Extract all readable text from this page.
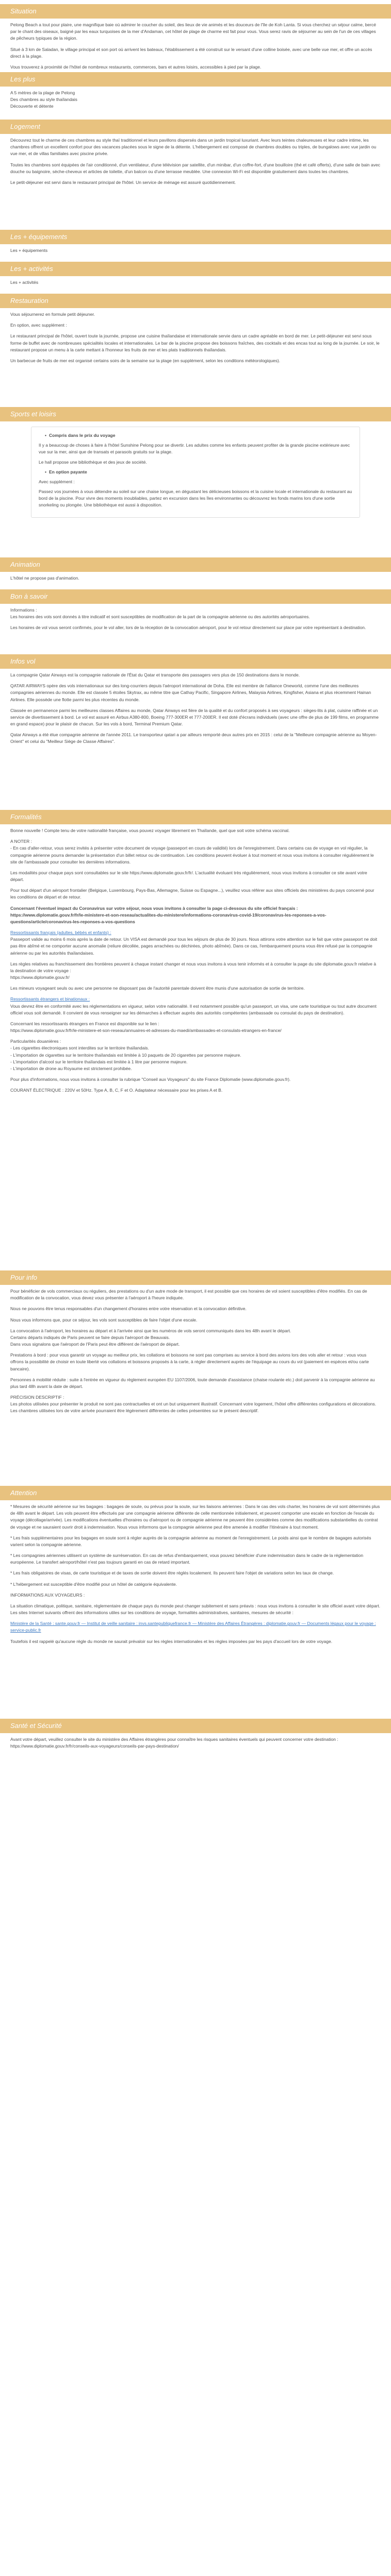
Situation

Pelong Beach a tout pour plaire, une magnifique baie où admirer le coucher du soleil, des lieux de vie animés et les douceurs de l'île de Koh Lanta. Si vous cherchez un séjour calme, bercé par le chant des oiseaux, baigné par les eaux turquoises de la mer d'Andaman, cet hôtel de plage de charme est fait pour vous. Vous serez ravis de séjourner au sein de l'un de ces villages de pêcheurs typiques de la région.

Situé à 3 km de Saladan, le village principal et son port où arrivent les bateaux, l'établissement a été construit sur le versant d'une colline boisée, avec une belle vue mer, et offre un accès direct à la plage.

Vous trouverez à proximité de l'hôtel de nombreux restaurants, commerces, bars et autres loisirs, accessibles à pied par la plage.

Les plus
A 5 mètres de la plage de Pelong
Des chambres au style thaïlandais
Découverte et détente
Logement

Découvrez tout le charme de ces chambres au style thaï traditionnel et leurs pavillons dispersés dans un jardin tropical luxuriant. Avec leurs teintes chaleureuses et leur cadre intime, les chambres offrent un excellent confort pour des vacances placées sous le signe de la détente. L'hébergement est composé de chambres doubles ou triples, de bungalows avec vue jardin ou vue mer, et de villas familiales avec piscine privée.

Toutes les chambres sont équipées de l'air conditionné, d'un ventilateur, d'une télévision par satellite, d'un minibar, d'un coffre-fort, d'une bouilloire (thé et café offerts), d'une salle de bain avec douche ou baignoire, sèche-cheveux et articles de toilette, d'un balcon ou d'une terrasse meublée. Une connexion Wi-Fi est disponible gratuitement dans toutes les chambres.

Le petit-déjeuner est servi dans le restaurant principal de l'hôtel. Un service de ménage est assuré quotidiennement.

Les + équipements

Les + équipements

Les + activités

Les + activités

Restauration

Vous séjournerez en formule petit déjeuner.

En option, avec supplément :

Le restaurant principal de l'hôtel, ouvert toute la journée, propose une cuisine thaïlandaise et internationale servie dans un cadre agréable en bord de mer. Le petit-déjeuner est servi sous forme de buffet avec de nombreuses spécialités locales et internationales. Le bar de la piscine propose des boissons fraîches, des cocktails et des encas tout au long de la journée. Le soir, le restaurant propose un menu à la carte mettant à l'honneur les fruits de mer et les plats traditionnels thaïlandais.

Un barbecue de fruits de mer est organisé certains soirs de la semaine sur la plage (en supplément, selon les conditions météorologiques).

Sports et loisirs
• Compris dans le prix du voyage

Il y a beaucoup de choses à faire à l'hôtel Sunshine Pelong pour se divertir. Les adultes comme les enfants peuvent profiter de la grande piscine extérieure avec vue sur la mer, ainsi que de transats et parasols gratuits sur la plage.

Le hall propose une bibliothèque et des jeux de société.

• En option payante

Avec supplément :

Passez vos journées à vous détendre au soleil sur une chaise longue, en dégustant les délicieuses boissons et la cuisine locale et internationale du restaurant au bord de la piscine. Pour vivre des moments inoubliables, partez en excursion dans les îles environnantes ou découvrez les fonds marins lors d'une sortie snorkeling ou plongée. Une bibliothèque est aussi à disposition.

Animation

L'hôtel ne propose pas d'animation.

Bon à savoir

Informations :

Les horaires des vols sont donnés à titre indicatif et sont susceptibles de modification de la part de la compagnie aérienne ou des autorités aéroportuaires.

Les horaires de vol vous seront confirmés, pour le vol aller, lors de la réception de la convocation aéroport, pour le vol retour directement sur place par votre représentant à destination.

Infos vol

La compagnie Qatar Airways est la compagnie nationale de l'État du Qatar et transporte des passagers vers plus de 150 destinations dans le monde.

QATAR AIRWAYS opère des vols internationaux sur des long-courriers depuis l'aéroport international de Doha. Elle est membre de l'alliance Oneworld, comme l'une des meilleures compagnies aériennes du monde. Elle est classée 5 étoiles Skytrax, au même titre que Cathay Pacific, Singapore Airlines, Malaysia Airlines, Kingfisher, Asiana et plus récemment Hainan Airlines. Elle possède une flotte parmi les plus récentes du monde.

Classée en permanence parmi les meilleures classes Affaires au monde, Qatar Airways est fière de la qualité et du confort proposés à ses voyageurs : sièges-lits à plat, cuisine raffinée et un service de divertissement à bord. Le vol est assuré en Airbus A380-800, Boeing 777-300ER et 777-200ER. Il est doté d'écrans individuels (avec une offre de plus de 199 films, en programme en grand espace) pour le plaisir de chacun. Sur les vols à bord, Terminal Premium Qatar.

Qatar Airways a été élue compagnie aérienne de l'année 2011. Le transporteur qatari a par ailleurs remporté deux autres prix en 2015 : celui de la "Meilleure compagnie aérienne au Moyen-Orient" et celui du "Meilleur Siège de Classe Affaires".

Formalités

Bonne nouvelle ! Compte tenu de votre nationalité française, vous pouvez voyager librement en Thaïlande, quel que soit votre schéma vaccinal.

A NOTER :

- En cas d'aller-retour, vous serez invités à présenter votre document de voyage (passeport en cours de validité) lors de l'enregistrement. Dans certains cas de voyage en vol régulier, la compagnie aérienne pourra demander la présentation d'un billet retour ou de continuation. Les conditions peuvent évoluer à tout moment et nous vous invitons à consulter régulièrement le site de l'ambassade pour consulter les dernières informations.

Les modalités pour chaque pays sont consultables sur le site https://www.diplomatie.gouv.fr/fr/. L'actualité évoluant très régulièrement, nous vous invitons à consulter ce site avant votre départ.

Pour tout départ d'un aéroport frontalier (Belgique, Luxembourg, Pays-Bas, Allemagne, Suisse ou Espagne...), veuillez vous référer aux sites officiels des ministères du pays concerné pour les conditions de départ et de retour.

Concernant l'éventuel impact du Coronavirus sur votre séjour, nous vous invitons à consulter la page ci-dessous du site officiel français :

https://www.diplomatie.gouv.fr/fr/le-ministere-et-son-reseau/actualites-du-ministere/informations-coronavirus-covid-19/coronavirus-les-reponses-a-vos-questions/article/coronavirus-les-reponses-a-vos-questions

Ressortissants français (adultes, bébés et enfants) :

Passeport valide au moins 6 mois après la date de retour. Un VISA est demandé pour tous les séjours de plus de 30 jours. Nous attirons votre attention sur le fait que votre passeport ne doit pas être abîmé et ne comporter aucune anomalie (reliure décollée, pages arrachées ou déchirées, photo abîmée). Dans ce cas, l'embarquement pourra vous être refusé par la compagnie aérienne ou par les autorités thaïlandaises.

Les règles relatives au franchissement des frontières peuvent à chaque instant changer et nous vous invitons à vous tenir informés et à consulter la page du site diplomatie.gouv.fr relative à la destination de votre voyage :

https://www.diplomatie.gouv.fr/

Les mineurs voyageant seuls ou avec une personne ne disposant pas de l'autorité parentale doivent être munis d'une autorisation de sortie de territoire.

Ressortissants étrangers et binationaux :

Vous devrez être en conformité avec les réglementations en vigueur, selon votre nationalité. Il est notamment possible qu'un passeport, un visa, une carte touristique ou tout autre document officiel vous soit demandé. Il convient de vous renseigner sur les démarches à effectuer auprès des autorités compétentes (ambassade ou consulat du pays de destination).

Concernant les ressortissants étrangers en France est disponible sur le lien :

https://www.diplomatie.gouv.fr/fr/le-ministere-et-son-reseau/annuaires-et-adresses-du-maedi/ambassades-et-consulats-etrangers-en-france/

Particularités douanières :

- Les cigarettes électroniques sont interdites sur le territoire thaïlandais.

- L'importation de cigarettes sur le territoire thaïlandais est limitée à 10 paquets de 20 cigarettes par personne majeure.

- L'importation d'alcool sur le territoire thaïlandais est limitée à 1 litre par personne majeure.

- L'importation de drone au Royaume est strictement prohibée.

Pour plus d'informations, nous vous invitons à consulter la rubrique "Conseil aux Voyageurs" du site France Diplomatie (www.diplomatie.gouv.fr).

COURANT ÉLECTRIQUE : 220V et 50Hz. Type A, B, C, F et O. Adaptateur nécessaire pour les prises A et B.

Pour info

Pour bénéficier de vols commerciaux ou réguliers, des prestations ou d'un autre mode de transport, il est possible que ces horaires de vol soient susceptibles d'être modifiés. En cas de modification de la convocation, vous devez vous présenter à l'aéroport à l'heure indiquée.

Nous ne pouvons être tenus responsables d'un changement d'horaires entre votre réservation et la convocation définitive.

Nous vous informons que, pour ce séjour, les vols sont susceptibles de faire l'objet d'une escale.

La convocation à l'aéroport, les horaires au départ et à l'arrivée ainsi que les numéros de vols seront communiqués dans les 48h avant le départ.

Certains départs indiqués de Paris peuvent se faire depuis l'aéroport de Beauvais.

Dans vous signalons que l'aéroport de l'Paris peut être différent de l'aéroport de départ.

Prestations à bord : pour vous garantir un voyage au meilleur prix, les collations et boissons ne sont pas comprises au service à bord des avions lors des vols aller et retour : vous vous offrons la possibilité de choisir en toute liberté vos collations et boissons proposés à la carte, à régler directement auprès de l'équipage au cours du vol (paiement en espèces et/ou carte bancaire).

Personnes à mobilité réduite : suite à l'entrée en vigueur du règlement européen EU 1107/2006, toute demande d'assistance (chaise roulante etc.) doit parvenir à la compagnie aérienne au plus tard 48h avant la date de départ.

PRÉCISION DESCRIPTIF :

Les photos utilisées pour présenter le produit ne sont pas contractuelles et ont un but uniquement illustratif. Concernant votre logement, l'hôtel offre différentes configurations et décorations. Les chambres utilisées lors de votre arrivée pourraient être légèrement différentes de celles présentées sur le présent descriptif.

Attention

* Mesures de sécurité aérienne sur les bagages : bagages de soute, ou prévus pour la soute, sur les liaisons aériennes : Dans le cas des vols charter, les horaires de vol sont déterminés plus de 48h avant le départ. Les vols peuvent être effectués par une compagnie aérienne différente de celle mentionnée initialement, et peuvent comporter une escale en fonction de l'escale du voyage (décollage/arrivée). Les modifications éventuelles d'horaires ou d'aéroport ou de compagnie aérienne ne peuvent être considérées comme des modifications substantielles du contrat de voyage et ne sauraient ouvrir droit à indemnisation. Nous vous informons que la compagnie aérienne peut être amenée à modifier l'itinéraire à tout moment.

* Les frais supplémentaires pour les bagages en soute sont à régler auprès de la compagnie aérienne au moment de l'enregistrement. Le poids ainsi que le nombre de bagages autorisés varient selon la compagnie aérienne.

* Les compagnies aériennes utilisent un système de surréservation. En cas de refus d'embarquement, vous pouvez bénéficier d'une indemnisation dans le cadre de la réglementation européenne. Le transfert aéroport/hôtel n'est pas toujours garanti en cas de retard important.

* Les frais obligatoires de visas, de carte touristique et de taxes de sortie doivent être réglés localement. Ils peuvent faire l'objet de variations selon les taux de change.

* L'hébergement est susceptible d'être modifié pour un hôtel de catégorie équivalente.

INFORMATIONS AUX VOYAGEURS :

La situation climatique, politique, sanitaire, réglementaire de chaque pays du monde peut changer subitement et sans préavis : nous vous invitons à consulter le site officiel avant votre départ. Les sites Internet suivants offrent des informations utiles sur les conditions de voyage, formalités administratives, sanitaires, mesures de sécurité :

Ministère de la Santé : sante.gouv.fr — Institut de veille sanitaire : invs.santepubliquefrance.fr — Ministère des Affaires Étrangères : diplomatie.gouv.fr — Documents légaux pour le voyage : service-public.fr

Toutefois il est rappelé qu'aucune règle du monde ne saurait prévaloir sur les règles internationales et les règles imposées par les pays d'accueil lors de votre voyage.

Santé et Sécurité

Avant votre départ, veuillez consulter le site du ministère des Affaires étrangères pour connaître les risques sanitaires éventuels qui peuvent concerner votre destination : https://www.diplomatie.gouv.fr/fr/conseils-aux-voyageurs/conseils-par-pays-destination/
